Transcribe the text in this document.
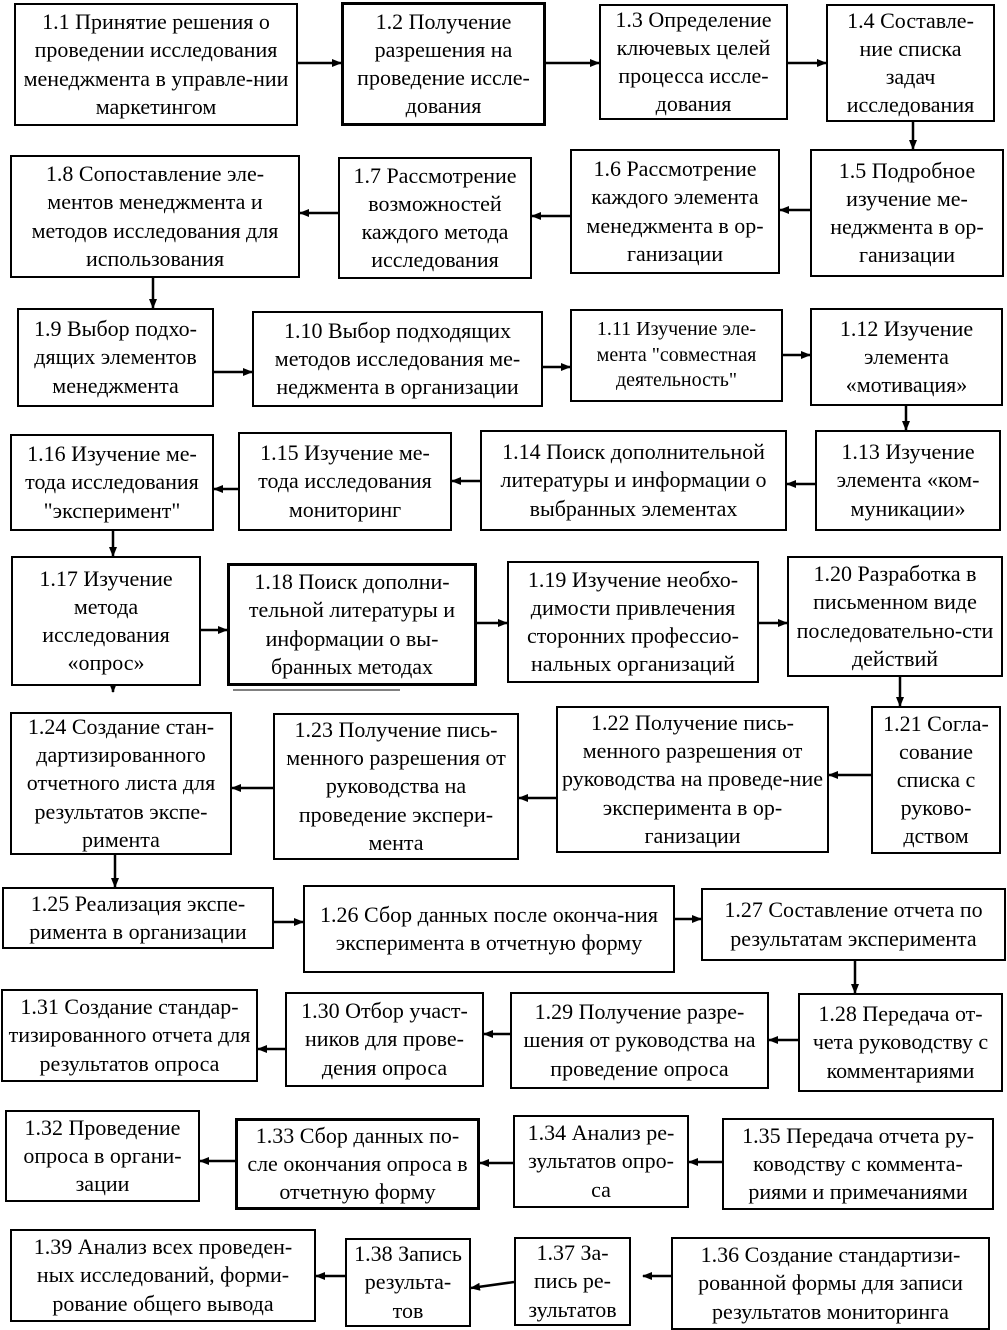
1.1 Принятие решения о проведении исследования менеджмента в управле-нии маркетингом
1.2 Получение разрешения на проведение иссле-дования
1.3 Определение ключевых целей процесса иссле-дования
1.4 Составле-ние списка задач исследования
1.8 Сопоставление эле-ментов менеджмента и методов исследования для использования
1.7 Рассмотрение возможностей каждого метода исследования
1.6 Рассмотрение каждого элемента менеджмента в ор-ганизации
1.5 Подробное изучение ме-неджмента в ор-ганизации
1.9 Выбор подхо-дящих элементов менеджмента
1.10 Выбор подходящих методов исследования ме-неджмента в организации
1.11 Изучение эле-мента "совместная деятельность"
1.12 Изучение элемента «мотивация»
1.16 Изучение ме-тода исследования "эксперимент"
1.15 Изучение ме-тода исследования мониторинг
1.14 Поиск дополнительной литературы и информации о выбранных элементах
1.13 Изучение элемента «ком-муникации»
1.17 Изучение метода исследования «опрос»
1.18 Поиск дополни-тельной литературы и информации о вы-бранных методах
1.19 Изучение необхо-димости привлечения сторонних профессио-нальных организаций
1.20 Разработка в письменном виде последовательно-сти действий
1.24 Создание стан-дартизированного отчетного листа для результатов экспе-римента
1.23 Получение пись-менного разрешения от руководства на проведение экспери-мента
1.22 Получение пись-менного разрешения от руководства на проведе-ние эксперимента в ор-ганизации
1.21 Согла-сование списка с руково-дством
1.25 Реализация экспе-римента в организации
1.26 Сбор данных после оконча-ния эксперимента в отчетную форму
1.27 Составление отчета по результатам эксперимента
1.31 Создание стандар-тизированного отчета для результатов опроса
1.30 Отбор участ-ников для прове-дения опроса
1.29 Получение разре-шения от руководства на проведение опроса
1.28 Передача от-чета руководству с комментариями
1.32 Проведение опроса в органи-зации
1.33 Сбор данных по-сле окончания опроса в отчетную форму
1.34 Анализ ре-зультатов опро-са
1.35 Передача отчета ру-ководству с коммента-риями и примечаниями
1.39 Анализ всех проведен-ных исследований, форми-рование общего вывода
1.38 Запись результа-тов
1.37 За-пись ре-зультатов
1.36 Создание стандартизи-рованной формы для записи результатов мониторинга
